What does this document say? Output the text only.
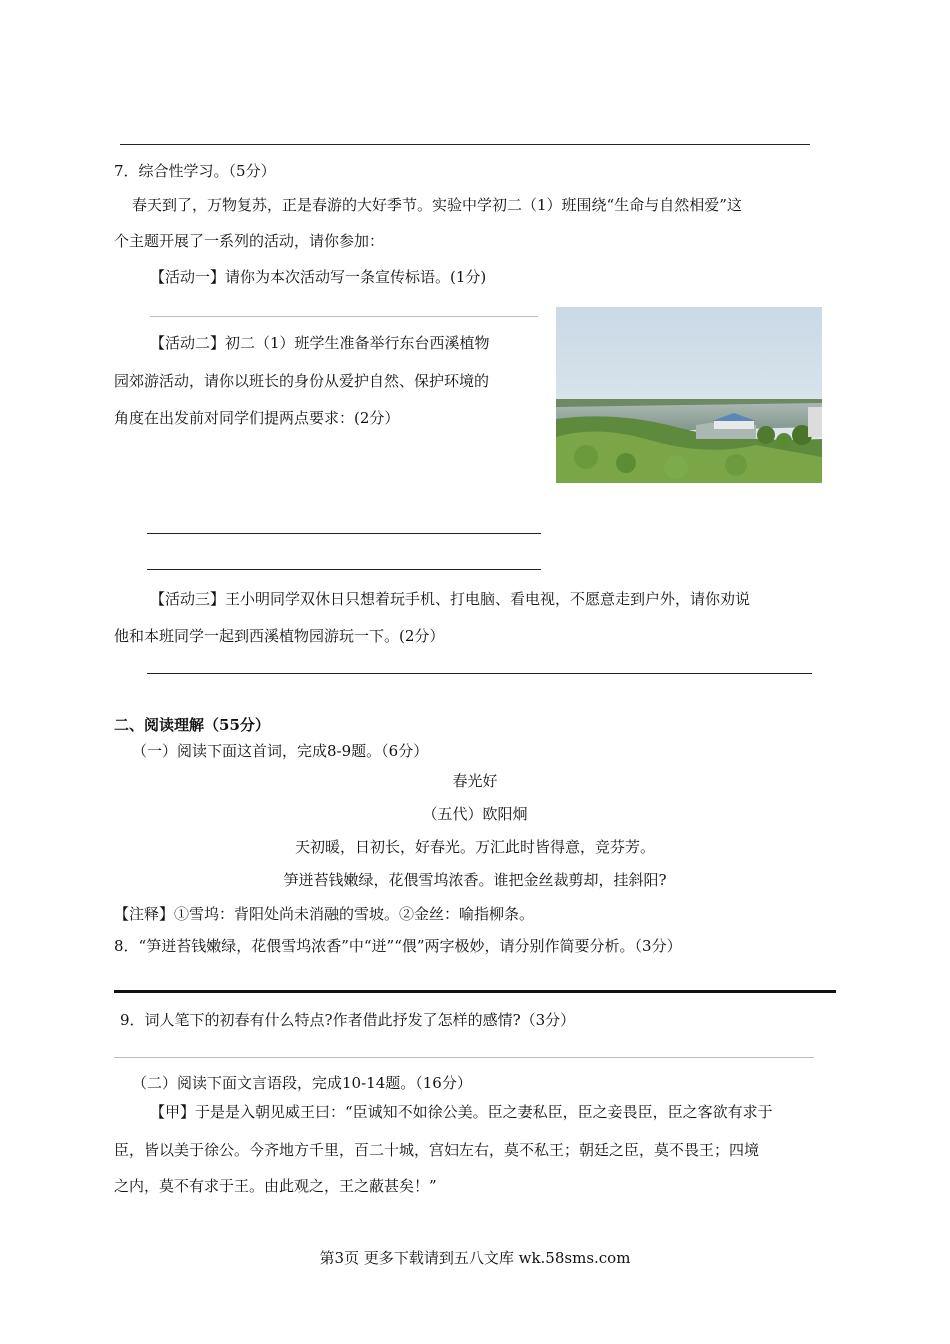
7．综合性学习。（5分）
春天到了，万物复苏，正是春游的大好季节。实验中学初二（1）班围绕“生命与自然相爱”这
个主题开展了一系列的活动，请你参加：
【活动一】请你为本次活动写一条宣传标语。(1分)
【活动二】初二（1）班学生准备举行东台西溪植物
园郊游活动，请你以班长的身份从爱护自然、保护环境的
角度在出发前对同学们提两点要求：(2分）
【活动三】王小明同学双休日只想着玩手机、打电脑、看电视，不愿意走到户外，请你劝说
他和本班同学一起到西溪植物园游玩一下。(2分）
二、阅读理解（55分）
（一）阅读下面这首词，完成8-9题。（6分）
春光好
（五代）欧阳炯
天初暖，日初长，好春光。万汇此时皆得意，竞芬芳。
笋迸苔钱嫩绿，花偎雪坞浓香。谁把金丝裁剪却，挂斜阳?
【注释】①雪坞：背阳处尚未消融的雪坡。②金丝：喻指柳条。
8．“笋迸苔钱嫩绿，花偎雪坞浓香”中“迸”“偎”两字极妙，请分别作简要分析。（3分）
9．词人笔下的初春有什么特点?作者借此抒发了怎样的感情?（3分）
（二）阅读下面文言语段，完成10-14题。（16分）
【甲】于是是入朝见威王曰：“臣诚知不如徐公美。臣之妻私臣，臣之妾畏臣，臣之客欲有求于
臣，皆以美于徐公。今齐地方千里，百二十城，宫妇左右，莫不私王；朝廷之臣，莫不畏王；四境
之内，莫不有求于王。由此观之，王之蔽甚矣！”
第3页 更多下载请到五八文库 wk.58sms.com
